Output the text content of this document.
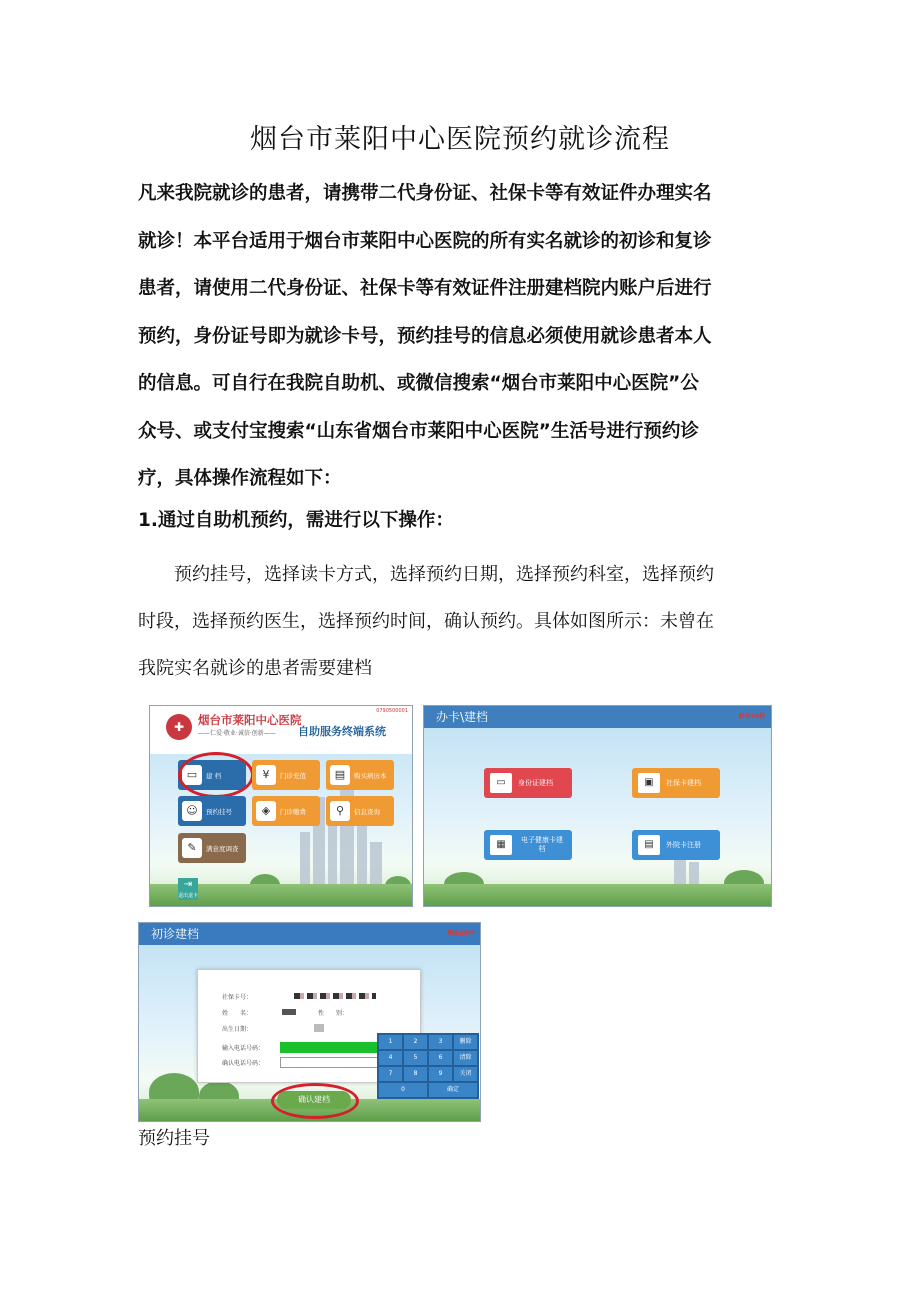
烟台市莱阳中心医院预约就诊流程
凡来我院就诊的患者，请携带二代身份证、社保卡等有效证件办理实名
就诊！本平台适用于烟台市莱阳中心医院的所有实名就诊的初诊和复诊
患者，请使用二代身份证、社保卡等有效证件注册建档院内账户后进行
预约，身份证号即为就诊卡号，预约挂号的信息必须使用就诊患者本人
的信息。可自行在我院自助机、或微信搜索“烟台市莱阳中心医院”公
众号、或支付宝搜索“山东省烟台市莱阳中心医院”生活号进行预约诊
疗，具体操作流程如下：
1.通过自助机预约，需进行以下操作：
　　预约挂号，选择读卡方式，选择预约日期，选择预约科室，选择预约
时段，选择预约医生，选择预约时间，确认预约。具体如图所示：未曾在
我院实名就诊的患者需要建档
✚	烟台市莱阳中心医院
——仁爱·敬业·诚信·创新—— 自助服务终端系统
0790500001
▭	建 档	¥	门诊充值	▤	购买病历本
☺	预约挂号	◈	门诊缴费	⚲	信息查询
✎	满意度调查
⇥
退出退卡
办卡\建档	剩余46秒
▭	身份证建档	▣	社保卡建档
▦	电子健康卡建档	▤	外院卡注册
初诊建档	剩余39秒
社保卡号：
姓　　名：	性　　别：
出生日期：
输入电话号码：
确认电话号码：
1	2	3	删除
4	5	6	清除
7	8	9	关闭
0	确定
确认建档
预约挂号
